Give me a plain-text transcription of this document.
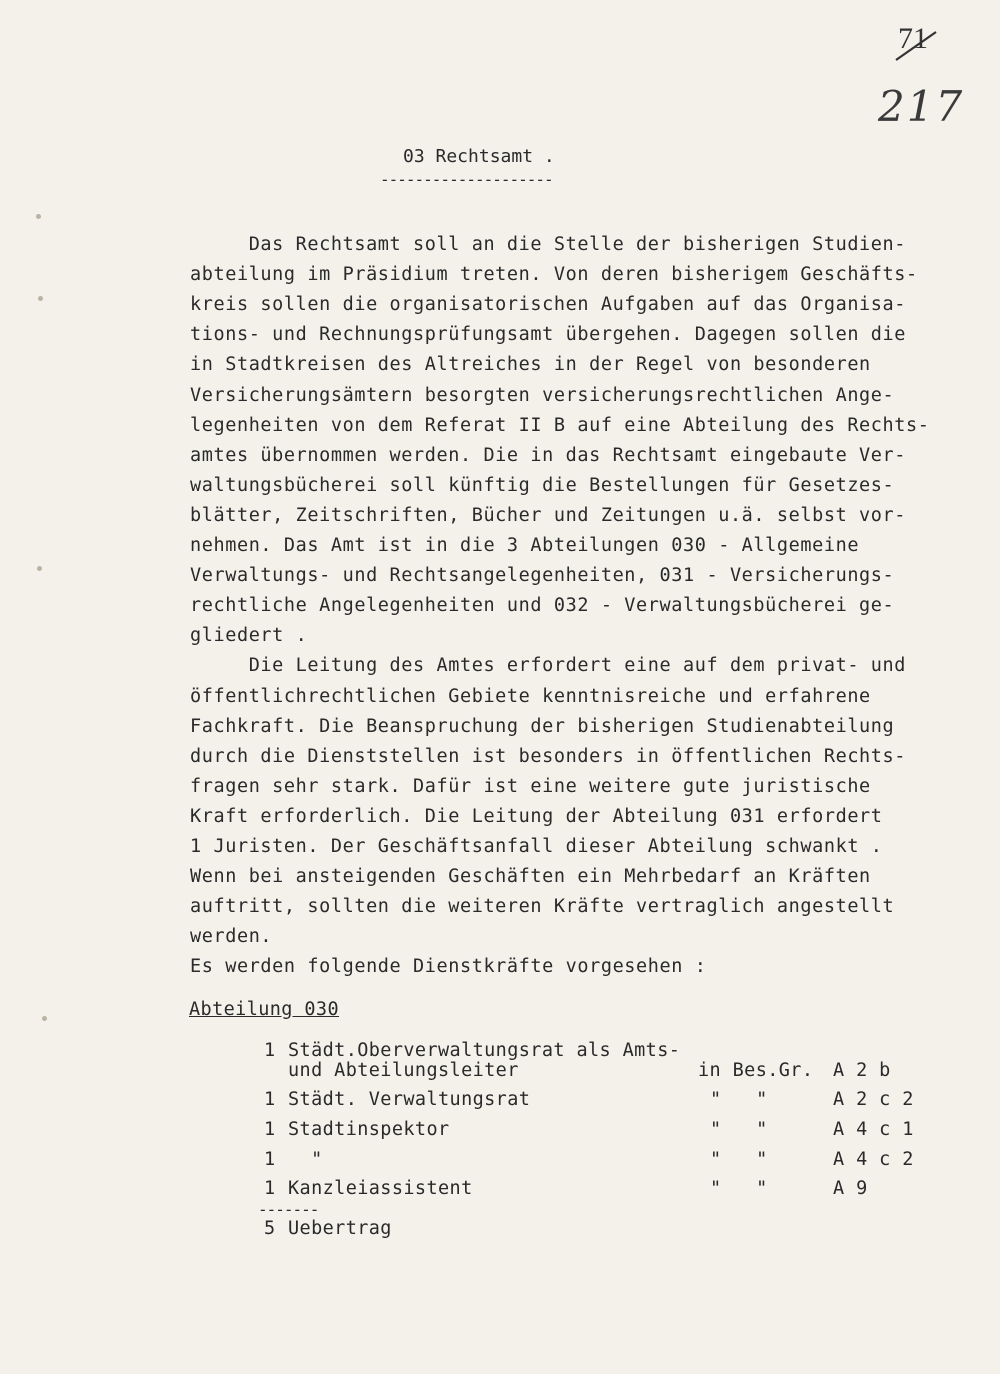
71
217
03 Rechtsamt .
--------------------
Das Rechtsamt soll an die Stelle der bisherigen Studien-
abteilung im Präsidium treten. Von deren bisherigem Geschäfts-
kreis sollen die organisatorischen Aufgaben auf das Organisa-
tions- und Rechnungsprüfungsamt übergehen. Dagegen sollen die
in Stadtkreisen des Altreiches in der Regel von besonderen
Versicherungsämtern besorgten versicherungsrechtlichen Ange-
legenheiten von dem Referat II B auf eine Abteilung des Rechts-
amtes übernommen werden. Die in das Rechtsamt eingebaute Ver-
waltungsbücherei soll künftig die Bestellungen für Gesetzes-
blätter, Zeitschriften, Bücher und Zeitungen u.ä. selbst vor-
nehmen. Das Amt ist in die 3 Abteilungen 030 - Allgemeine
Verwaltungs- und Rechtsangelegenheiten, 031 - Versicherungs-
rechtliche Angelegenheiten und 032 - Verwaltungsbücherei ge-
gliedert .
Die Leitung des Amtes erfordert eine auf dem privat- und
öffentlichrechtlichen Gebiete kenntnisreiche und erfahrene
Fachkraft. Die Beanspruchung der bisherigen Studienabteilung
durch die Dienststellen ist besonders in öffentlichen Rechts-
fragen sehr stark. Dafür ist eine weitere gute juristische
Kraft erforderlich. Die Leitung der Abteilung 031 erfordert
1 Juristen. Der Geschäftsanfall dieser Abteilung schwankt .
Wenn bei ansteigenden Geschäften ein Mehrbedarf an Kräften
auftritt, sollten die weiteren Kräfte vertraglich angestellt
werden.
Es werden folgende Dienstkräfte vorgesehen :
Abteilung 030
1 Städt.Oberverwaltungsrat als Amts-
und Abteilungsleiter	in Bes.Gr. A 2 b
1 Städt. Verwaltungsrat	"   "	A 2 c 2
1 Stadtinspektor	"   "	A 4 c 1
1 "	"   "	A 4 c 2
1 Kanzleiassistent	"   "	A 9
-------
5 Uebertrag
